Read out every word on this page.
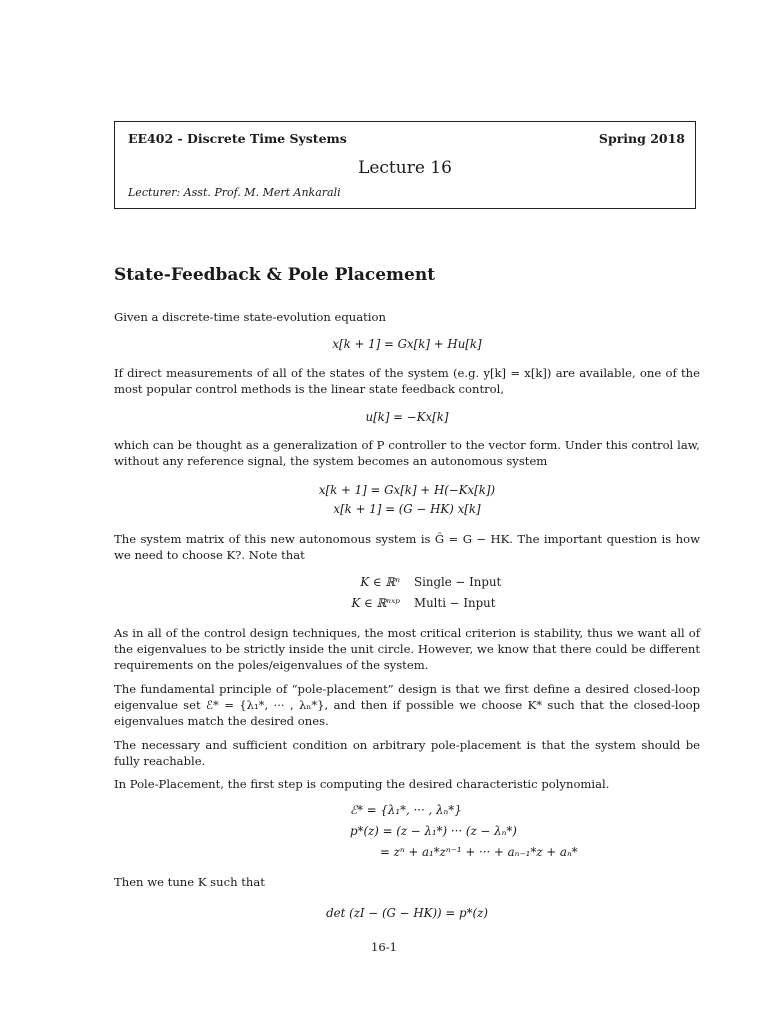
EE402 - Discrete Time Systems	Spring 2018
Lecture 16
Lecturer: Asst. Prof. M. Mert Ankarali
State-Feedback & Pole Placement
Given a discrete-time state-evolution equation
x[k + 1] = Gx[k] + Hu[k]
If direct measurements of all of the states of the system (e.g. y[k] = x[k]) are available, one of the most popular control methods is the linear state feedback control,
u[k] = −Kx[k]
which can be thought as a generalization of P controller to the vector form. Under this control law, without any reference signal, the system becomes an autonomous system
x[k + 1] = Gx[k] + H(−Kx[k])
x[k + 1] = (G − HK) x[k]
The system matrix of this new autonomous system is Ĝ = G − HK. The important question is how we need to choose K?. Note that
K ∈ ℝⁿ Single − Input
K ∈ ℝⁿˣᵖ Multi − Input
As in all of the control design techniques, the most critical criterion is stability, thus we want all of the eigenvalues to be strictly inside the unit circle. However, we know that there could be different requirements on the poles/eigenvalues of the system.
The fundamental principle of “pole-placement” design is that we first define a desired closed-loop eigenvalue set ℰ* = {λ₁*, ··· , λₙ*}, and then if possible we choose K* such that the closed-loop eigenvalues match the desired ones.
The necessary and sufficient condition on arbitrary pole-placement is that the system should be fully reachable.
In Pole-Placement, the first step is computing the desired characteristic polynomial.
ℰ* = {λ₁*, ··· , λₙ*}
p*(z) = (z − λ₁*) ··· (z − λₙ*)
= zⁿ + a₁*zⁿ⁻¹ + ··· + aₙ₋₁*z + aₙ*
Then we tune K such that
det (zI − (G − HK)) = p*(z)
16-1
